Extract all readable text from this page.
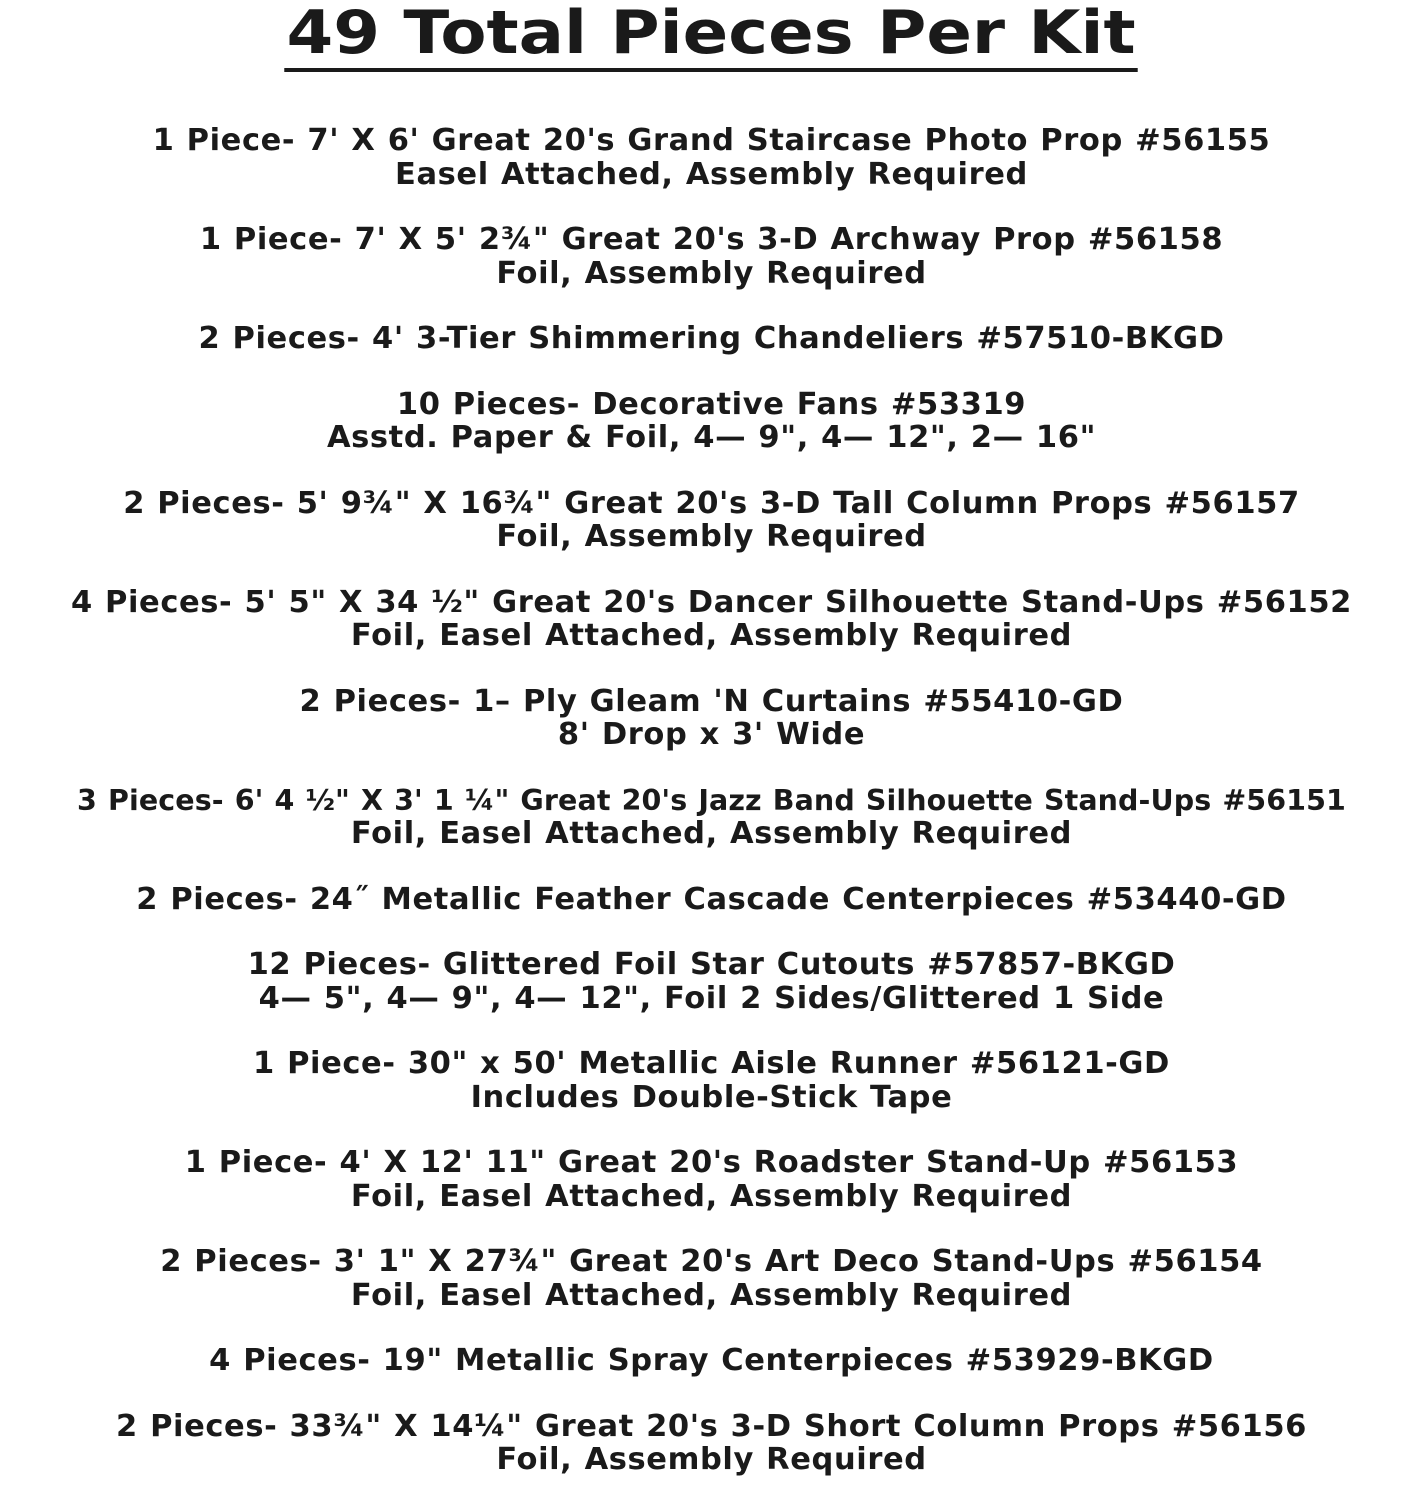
49 Total Pieces Per Kit
1 Piece- 7' X 6' Great 20's Grand Staircase Photo Prop #56155
Easel Attached, Assembly Required
1 Piece- 7' X 5' 2¾" Great 20's 3-D Archway Prop #56158
Foil, Assembly Required
2 Pieces- 4' 3-Tier Shimmering Chandeliers #57510-BKGD
10 Pieces- Decorative Fans #53319
Asstd. Paper & Foil, 4— 9", 4— 12", 2— 16"
2 Pieces- 5' 9¾" X 16¾" Great 20's 3-D Tall Column Props #56157
Foil, Assembly Required
4 Pieces- 5' 5" X 34 ½" Great 20's Dancer Silhouette Stand-Ups #56152
Foil, Easel Attached, Assembly Required
2 Pieces- 1– Ply Gleam 'N Curtains #55410-GD
8' Drop x 3' Wide
3 Pieces- 6' 4 ½" X 3' 1 ¼" Great 20's Jazz Band Silhouette Stand-Ups #56151
Foil, Easel Attached, Assembly Required
2 Pieces- 24˝ Metallic Feather Cascade Centerpieces #53440-GD
12 Pieces- Glittered Foil Star Cutouts #57857-BKGD
4— 5", 4— 9", 4— 12", Foil 2 Sides/Glittered 1 Side
1 Piece- 30" x 50' Metallic Aisle Runner #56121-GD
Includes Double-Stick Tape
1 Piece- 4' X 12' 11" Great 20's Roadster Stand-Up #56153
Foil, Easel Attached, Assembly Required
2 Pieces- 3' 1" X 27¾" Great 20's Art Deco Stand-Ups #56154
Foil, Easel Attached, Assembly Required
4 Pieces- 19" Metallic Spray Centerpieces #53929-BKGD
2 Pieces- 33¾" X 14¼" Great 20's 3-D Short Column Props #56156
Foil, Assembly Required
